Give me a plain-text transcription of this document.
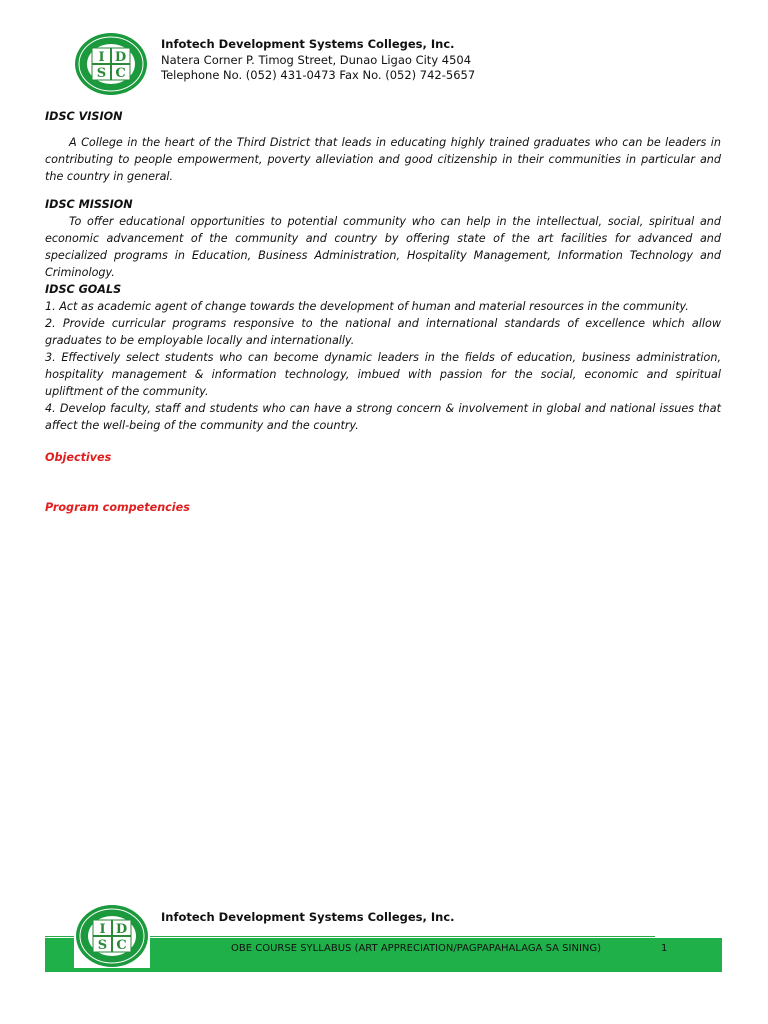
I D
S C
Infotech Development Systems Colleges, Inc.
Natera Corner P. Timog Street, Dunao Ligao City 4504
Telephone No. (052) 431-0473 Fax No. (052) 742-5657

IDSC VISION

A College in the heart of the Third District that leads in educating highly trained graduates who can be leaders in contributing to people empowerment, poverty alleviation and good citizenship in their communities in particular and the country in general.

IDSC MISSION

To offer educational opportunities to potential community who can help in the intellectual, social, spiritual and economic advancement of the community and country by offering state of the art facilities for advanced and specialized programs in Education, Business Administration, Hospitality Management, Information Technology and Criminology.

IDSC GOALS

1. Act as academic agent of change towards the development of human and material resources in the community.

2. Provide curricular programs responsive to the national and international standards of excellence which allow graduates to be employable locally and internationally.

3. Effectively select students who can become dynamic leaders in the fields of education, business administration, hospitality management & information technology, imbued with passion for the social, economic and spiritual upliftment of the community.

4. Develop faculty, staff and students who can have a strong concern & involvement in global and national issues that affect the well-being of the community and the country.

Objectives

Program competencies

I D
S C
Infotech Development Systems Colleges, Inc.
OBE COURSE SYLLABUS (ART APPRECIATION/PAGPAPAHALAGA SA SINING)	1
